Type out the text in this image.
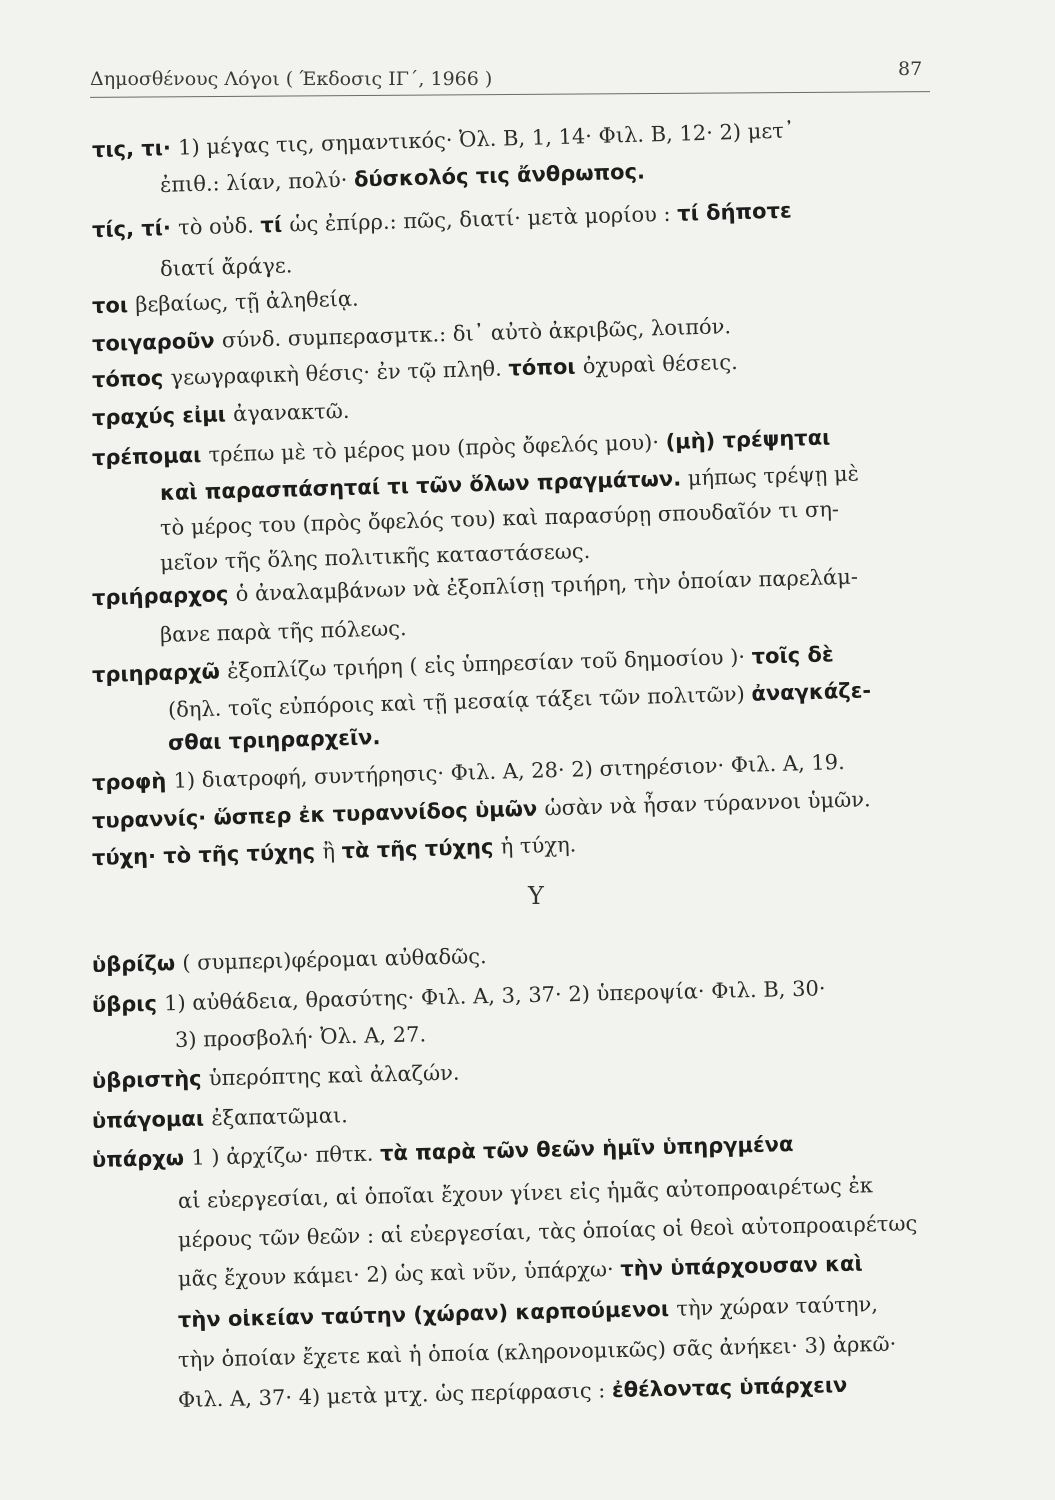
Δημοσθένους Λόγοι ( Έκδοσις ΙΓ΄, 1966 )	87
τις, τι· 1) μέγας τις, σημαντικός· Ὀλ. Β, 1, 14· Φιλ. Β, 12· 2) μετ᾽
ἐπιθ.: λίαν, πολύ· δύσκολός τις ἄνθρωπος.
τίς, τί· τὸ οὐδ. τί ὡς ἐπίρρ.: πῶς, διατί· μετὰ μορίου : τί δήποτε
διατί ἄράγε.
τοι βεβαίως, τῇ ἀληθείᾳ.
τοιγαροῦν σύνδ. συμπερασμτκ.: δι᾽ αὐτὸ ἀκριβῶς, λοιπόν.
τόπος γεωγραφικὴ θέσις· ἐν τῷ πληθ. τόποι ὀχυραὶ θέσεις.
τραχύς εἰμι ἀγανακτῶ.
τρέπομαι τρέπω μὲ τὸ μέρος μου (πρὸς ὄφελός μου)· (μὴ) τρέψηται
καὶ παρασπάσηταί τι τῶν ὅλων πραγμάτων. μήπως τρέψῃ μὲ
τὸ μέρος του (πρὸς ὄφελός του) καὶ παρασύρῃ σπουδαῖόν τι ση-
μεῖον τῆς ὅλης πολιτικῆς καταστάσεως.
τριήραρχος ὁ ἀναλαμβάνων νὰ ἐξοπλίσῃ τριήρη, τὴν ὁποίαν παρελάμ-
βανε παρὰ τῆς πόλεως.
τριηραρχῶ ἐξοπλίζω τριήρη ( εἰς ὑπηρεσίαν τοῦ δημοσίου )· τοῖς δὲ
(δηλ. τοῖς εὐπόροις καὶ τῇ μεσαίᾳ τάξει τῶν πολιτῶν) ἀναγκάζε-
σθαι τριηραρχεῖν.
τροφὴ 1) διατροφή, συντήρησις· Φιλ. Α, 28· 2) σιτηρέσιον· Φιλ. Α, 19.
τυραννίς· ὥσπερ ἐκ τυραννίδος ὑμῶν ὡσὰν νὰ ἦσαν τύραννοι ὑμῶν.
τύχη· τὸ τῆς τύχης ἢ τὰ τῆς τύχης ἡ τύχη.
Υ
ὑβρίζω ( συμπερι)φέρομαι αὐθαδῶς.
ὕβρις 1) αὐθάδεια, θρασύτης· Φιλ. Α, 3, 37· 2) ὑπεροψία· Φιλ. Β, 30·
3) προσβολή· Ὀλ. Α, 27.
ὑβριστὴς ὑπερόπτης καὶ ἀλαζών.
ὑπάγομαι ἐξαπατῶμαι.
ὑπάρχω 1 ) ἀρχίζω· πθτκ. τὰ παρὰ τῶν θεῶν ἡμῖν ὑπηργμένα
αἱ εὐεργεσίαι, αἱ ὁποῖαι ἔχουν γίνει εἰς ἡμᾶς αὐτοπροαιρέτως ἐκ
μέρους τῶν θεῶν : αἱ εὐεργεσίαι, τὰς ὁποίας οἱ θεοὶ αὐτοπροαιρέτως
μᾶς ἔχουν κάμει· 2) ὡς καὶ νῦν, ὑπάρχω· τὴν ὑπάρχουσαν καὶ
τὴν οἰκείαν ταύτην (χώραν) καρπούμενοι τὴν χώραν ταύτην,
τὴν ὁποίαν ἔχετε καὶ ἡ ὁποία (κληρονομικῶς) σᾶς ἀνήκει· 3) ἀρκῶ·
Φιλ. Α, 37· 4) μετὰ μτχ. ὡς περίφρασις : ἐθέλοντας ὑπάρχειν
